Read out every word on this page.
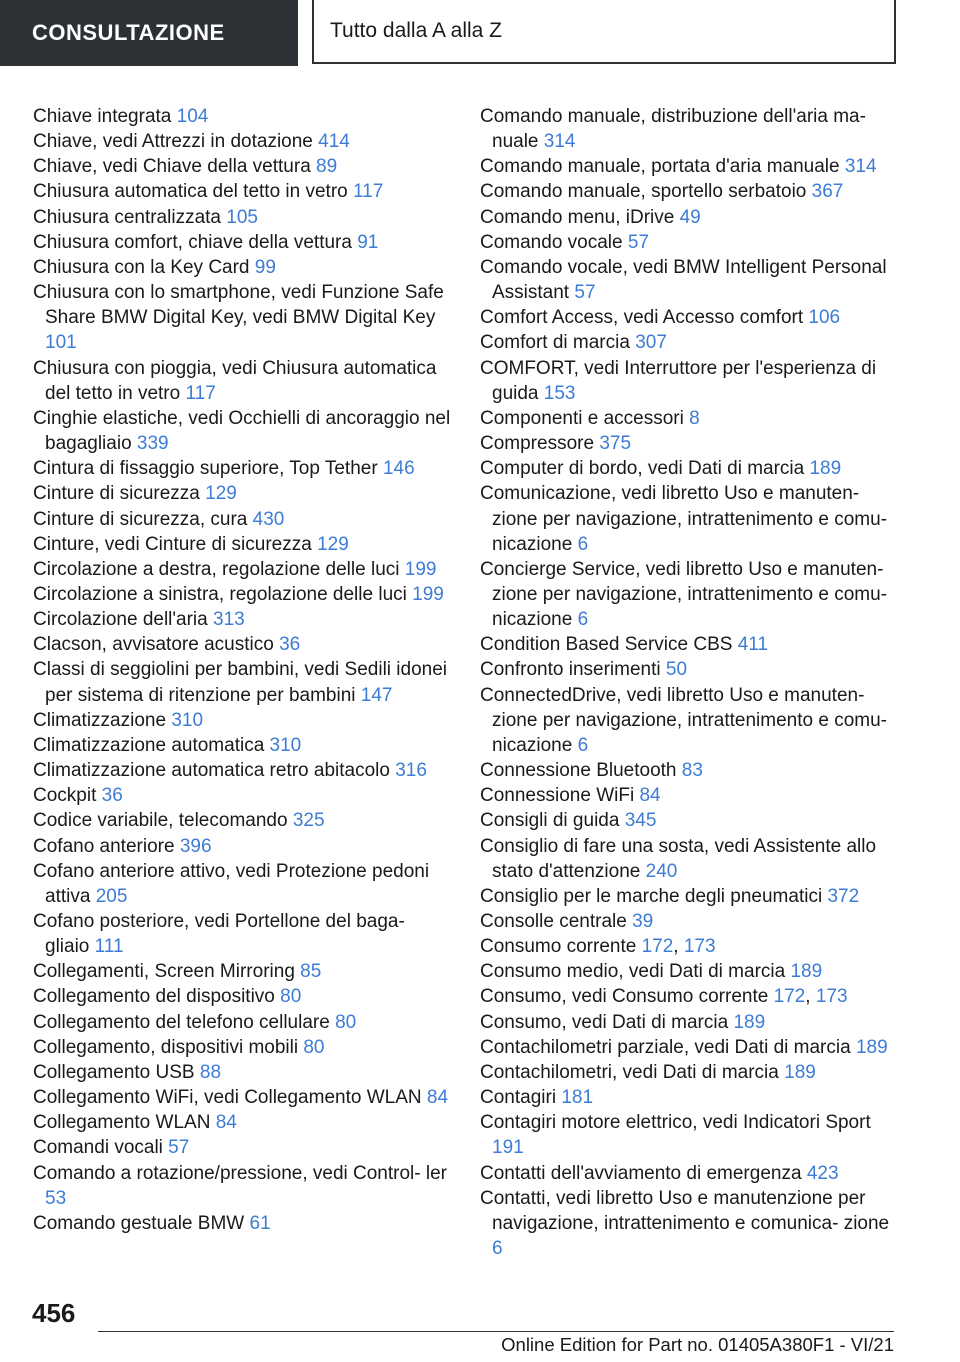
CONSULTAZIONE	Tutto dalla A alla Z

Chiave integrata 104

Chiave, vedi Attrezzi in dotazione 414

Chiave, vedi Chiave della vettura 89

Chiusura automatica del tetto in vetro 117

Chiusura centralizzata 105

Chiusura comfort, chiave della vettura 91

Chiusura con la Key Card 99

Chiusura con lo smartphone, vedi Funzione Safe Share BMW Digital Key, vedi BMW Digital Key 101

Chiusura con pioggia, vedi Chiusura automatica del tetto in vetro 117

Cinghie elastiche, vedi Occhielli di ancoraggio nel bagagliaio 339

Cintura di fissaggio superiore, Top Tether 146

Cinture di sicurezza 129

Cinture di sicurezza, cura 430

Cinture, vedi Cinture di sicurezza 129

Circolazione a destra, regolazione delle luci 199

Circolazione a sinistra, regolazione delle luci 199

Circolazione dell'aria 313

Clacson, avvisatore acustico 36

Classi di seggiolini per bambini, vedi Sedili idonei per sistema di ritenzione per bambini 147

Climatizzazione 310

Climatizzazione automatica 310

Climatizzazione automatica retro abitacolo 316

Cockpit 36

Codice variabile, telecomando 325

Cofano anteriore 396

Cofano anteriore attivo, vedi Protezione pedoni attiva 205

Cofano posteriore, vedi Portellone del baga- gliaio 111

Collegamenti, Screen Mirroring 85

Collegamento del dispositivo 80

Collegamento del telefono cellulare 80

Collegamento, dispositivi mobili 80

Collegamento USB 88

Collegamento WiFi, vedi Collegamento WLAN 84

Collegamento WLAN 84

Comandi vocali 57

Comando a rotazione/pressione, vedi Control- ler 53

Comando gestuale BMW 61

Comando manuale, distribuzione dell'aria ma- nuale 314

Comando manuale, portata d'aria manuale 314

Comando manuale, sportello serbatoio 367

Comando menu, iDrive 49

Comando vocale 57

Comando vocale, vedi BMW Intelligent Personal Assistant 57

Comfort Access, vedi Accesso comfort 106

Comfort di marcia 307

COMFORT, vedi Interruttore per l'esperienza di guida 153

Componenti e accessori 8

Compressore 375

Computer di bordo, vedi Dati di marcia 189

Comunicazione, vedi libretto Uso e manuten- zione per navigazione, intrattenimento e comu- nicazione 6

Concierge Service, vedi libretto Uso e manuten- zione per navigazione, intrattenimento e comu- nicazione 6

Condition Based Service CBS 411

Confronto inserimenti 50

ConnectedDrive, vedi libretto Uso e manuten- zione per navigazione, intrattenimento e comu- nicazione 6

Connessione Bluetooth 83

Connessione WiFi 84

Consigli di guida 345

Consiglio di fare una sosta, vedi Assistente allo stato d'attenzione 240

Consiglio per le marche degli pneumatici 372

Consolle centrale 39

Consumo corrente 172, 173

Consumo medio, vedi Dati di marcia 189

Consumo, vedi Consumo corrente 172, 173

Consumo, vedi Dati di marcia 189

Contachilometri parziale, vedi Dati di marcia 189

Contachilometri, vedi Dati di marcia 189

Contagiri 181

Contagiri motore elettrico, vedi Indicatori Sport 191

Contatti dell'avviamento di emergenza 423

Contatti, vedi libretto Uso e manutenzione per navigazione, intrattenimento e comunica- zione 6

456
Online Edition for Part no. 01405A380F1 - VI/21
